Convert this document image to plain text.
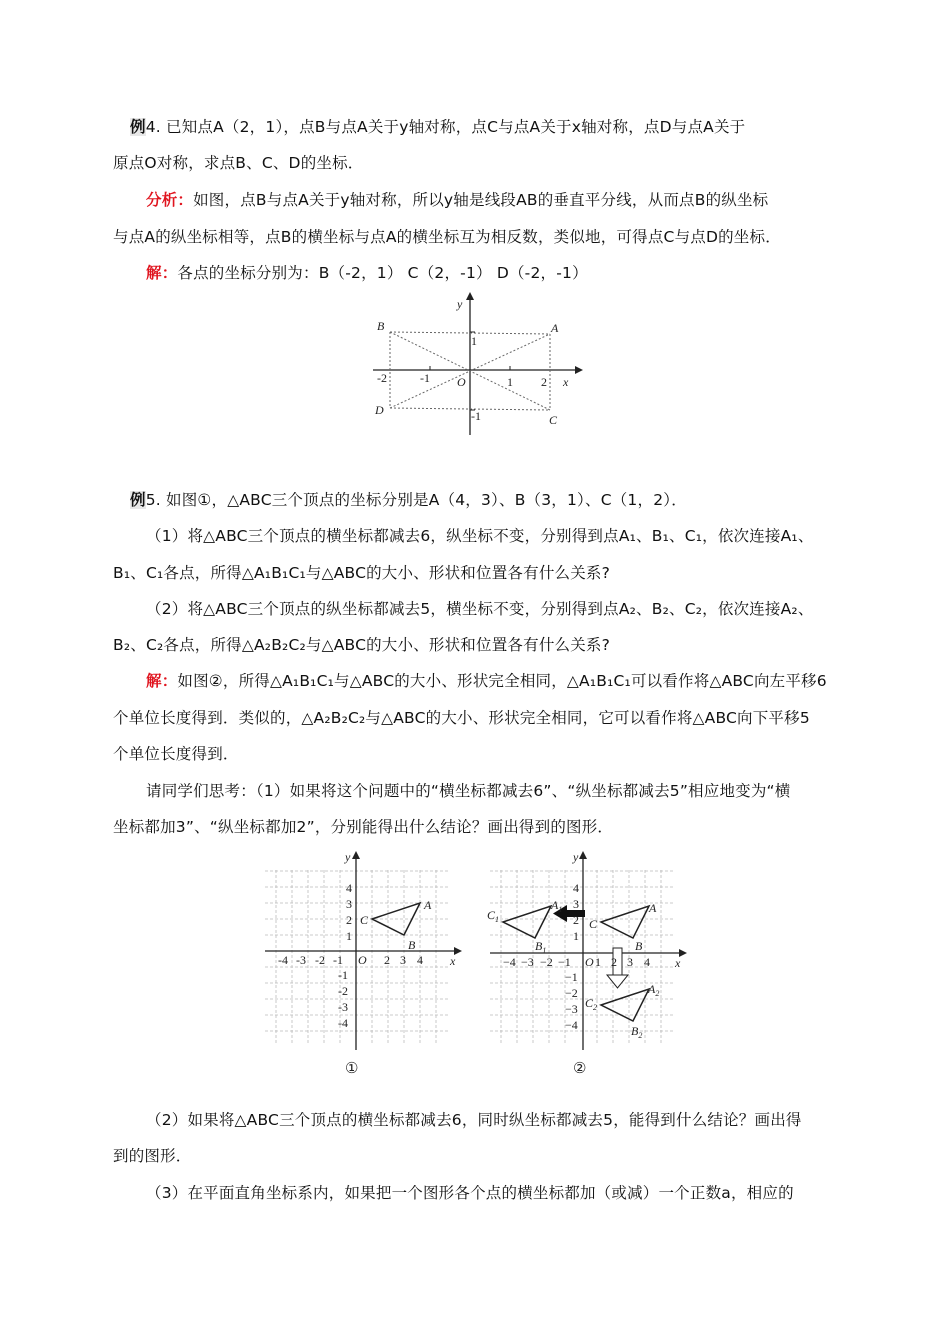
例4. 已知点A（2，1），点B与点A关于y轴对称，点C与点A关于x轴对称，点D与点A关于
原点O对称，求点B、C、D的坐标．
分析：如图，点B与点A关于y轴对称，所以y轴是线段AB的垂直平分线，从而点B的纵坐标
与点A的纵坐标相等，点B的横坐标与点A的横坐标互为相反数，类似地，可得点C与点D的坐标．
解：各点的坐标分别为：B（-2，1） C（2，-1） D（-2，-1）
y
x
O
A
B
C
D
-2	-1	1 2
1
-1
例5. 如图①，△ABC三个顶点的坐标分别是A（4，3）、B（3，1）、C（1，2）．
（1）将△ABC三个顶点的横坐标都减去6，纵坐标不变，分别得到点A₁、B₁、C₁，依次连接A₁、
B₁、C₁各点，所得△A₁B₁C₁与△ABC的大小、形状和位置各有什么关系?
（2）将△ABC三个顶点的纵坐标都减去5，横坐标不变，分别得到点A₂、B₂、C₂，依次连接A₂、
B₂、C₂各点，所得△A₂B₂C₂与△ABC的大小、形状和位置各有什么关系?
解：如图②，所得△A₁B₁C₁与△ABC的大小、形状完全相同，△A₁B₁C₁可以看作将△ABC向左平移6
个单位长度得到．类似的，△A₂B₂C₂与△ABC的大小、形状完全相同，它可以看作将△ABC向下平移5
个单位长度得到．
请同学们思考：（1）如果将这个问题中的“横坐标都减去6”、“纵坐标都减去5”相应地变为“横
坐标都加3”、“纵坐标都加2”，分别能得出什么结论？画出得到的图形．
y
x
O
A
B
C
-4 -3 -2 -1	2 3 4
4
3
2
1
-1
-2
-3
-4
①
y
x
O
A
B
C
$A_1$
$B_1$
$C_1$
$A_2$
$B_2$
$C_2$
−4 −3 −2 −1 1 2 3 4
4
3
2
1
−1
−2
−3
−4
②
（2）如果将△ABC三个顶点的横坐标都减去6，同时纵坐标都减去5，能得到什么结论？画出得
到的图形．
（3）在平面直角坐标系内，如果把一个图形各个点的横坐标都加（或减）一个正数a，相应的
